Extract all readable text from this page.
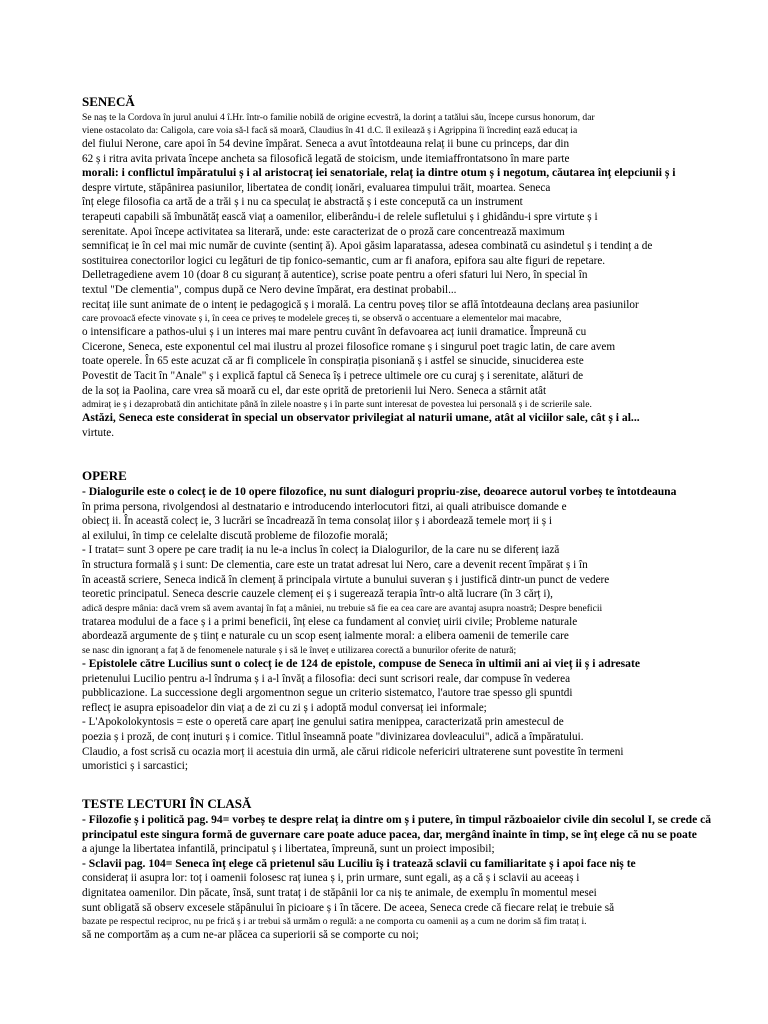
SENECĂ
Se naș te la Cordova în jurul anului 4 î.Hr. într-o familie nobilă de origine ecvestră, la dorinț a tatălui său, începe cursus honorum, dar
viene ostacolato da: Caligola, care voia să-l facă să moară, Claudius în 41 d.C. îl exilează ș i Agrippina îi încredinț ează educaț ia
del fiului Nerone, care apoi în 54 devine împărat. Seneca a avut întotdeauna relaț ii bune cu princeps, dar din
62 ș i ritra avita privata începe ancheta sa filosofică legată de stoicism, unde itemiaffrontatsono în mare parte
morali: i conflictul împăratului ș i al aristocraț iei senatoriale, relaț ia dintre otum ș i negotum, căutarea înț elepciunii ș i
despre virtute, stăpânirea pasiunilor, libertatea de condiț ionări, evaluarea timpului trăit, moartea. Seneca
înț elege filosofia ca artă de a trăi ș i nu ca speculaț ie abstractă ș i este concepută ca un instrument
terapeuti capabili să îmbunătăț ească viaț a oamenilor, eliberându-i de relele sufletului ș i ghidându-i spre virtute ș i
serenitate. Apoi începe activitatea sa literară, unde: este caracterizat de o proză care concentrează maximum
semnificaț ie în cel mai mic număr de cuvinte (sentinț ă). Apoi găsim laparatassa, adesea combinată cu asindetul ș i tendinț a de
sostituirea conectorilor logici cu legături de tip fonico-semantic, cum ar fi anafora, epifora sau alte figuri de repetare.
Delletragediene avem 10 (doar 8 cu siguranț ă autentice), scrise poate pentru a oferi sfaturi lui Nero, în special în
textul "De clementia", compus după ce Nero devine împărat, era destinat probabil...
recitaț iile sunt animate de o intenț ie pedagogică ș i morală. La centru poveș tilor se află întotdeauna declanș area pasiunilor
care provoacă efecte vinovate ș i, în ceea ce priveș te modelele greceș ti, se observă o accentuare a elementelor mai macabre,
o intensificare a pathos-ului ș i un interes mai mare pentru cuvânt în defavoarea acț iunii dramatice. Împreună cu
Cicerone, Seneca, este exponentul cel mai ilustru al prozei filosofice romane ș i singurul poet tragic latin, de care avem
toate operele. În 65 este acuzat că ar fi complicele în conspirația pisoniană ș i astfel se sinucide, sinuciderea este
Povestit de Tacit în "Anale" ș i explică faptul că Seneca îș i petrece ultimele ore cu curaj ș i serenitate, alături de
de la soț ia Paolina, care vrea să moară cu el, dar este oprită de pretorienii lui Nero. Seneca a stârnit atât
admiraț ie ș i dezaprobată din antichitate până în zilele noastre ș i în parte sunt interesat de povestea lui personală ș i de scrierile sale.
Astăzi, Seneca este considerat în special un observator privilegiat al naturii umane, atât al viciilor sale, cât ș i al...
virtute.
OPERE
- Dialogurile este o colecț ie de 10 opere filozofice, nu sunt dialoguri propriu-zise, deoarece autorul vorbeș te întotdeauna
în prima persona, rivolgendosi al destnatario e introducendo interlocutori fitzi, ai quali atribuisce domande e
obiecț ii. În această colecț ie, 3 lucrări se încadrează în tema consolaț iilor ș i abordează temele morț ii ș i
al exilului, în timp ce celelalte discută probleme de filozofie morală;
- I tratat= sunt 3 opere pe care tradiț ia nu le-a inclus în colecț ia Dialogurilor, de la care nu se diferenț iază
în structura formală ș i sunt: De clementia, care este un tratat adresat lui Nero, care a devenit recent împărat ș i în
în această scriere, Seneca indică în clemenț ă principala virtute a bunului suveran ș i justifică dintr-un punct de vedere
teoretic principatul. Seneca descrie cauzele clemenț ei ș i sugerează terapia într-o altă lucrare (în 3 cărț i),
adică despre mânia: dacă vrem să avem avantaj în faț a mâniei, nu trebuie să fie ea cea care are avantaj asupra noastră; Despre beneficii
tratarea modului de a face ș i a primi beneficii, înț elese ca fundament al convieț uirii civile; Probleme naturale
abordează argumente de ș tiinț e naturale cu un scop esenț ialmente moral: a elibera oamenii de temerile care
se nasc din ignoranț a faț ă de fenomenele naturale ș i să le înveț e utilizarea corectă a bunurilor oferite de natură;
- Epistolele către Lucilius sunt o colecț ie de 124 de epistole, compuse de Seneca în ultimii ani ai vieț ii ș i adresate
prietenului Lucilio pentru a-l îndruma ș i a-l învăț a filosofia: deci sunt scrisori reale, dar compuse în vederea
pubblicazione. La successione degli argomentnon segue un criterio sistematco, l'autore trae spesso gli spuntdi
reflecț ie asupra episoadelor din viaț a de zi cu zi ș i adoptă modul conversaț iei informale;
- L'Apokolokyntosis = este o operetă care aparț ine genului satira menippea, caracterizată prin amestecul de
poezia ș i proză, de conț inuturi ș i comice. Titlul înseamnă poate "divinizarea dovleacului", adică a împăratului.
Claudio, a fost scrisă cu ocazia morț ii acestuia din urmă, ale cărui ridicole nefericiri ultraterene sunt povestite în termeni
umoristici ș i sarcastici;
TESTE LECTURI ÎN CLASĂ
- Filozofie ș i politică pag. 94= vorbeș te despre relaț ia dintre om ș i putere, în timpul războaielor civile din secolul I, se crede că
principatul este singura formă de guvernare care poate aduce pacea, dar, mergând înainte în timp, se înț elege că nu se poate
a ajunge la libertatea infantilă, principatul ș i libertatea, împreună, sunt un proiect imposibil;
- Sclavii pag. 104= Seneca înț elege că prietenul său Luciliu îș i tratează sclavii cu familiaritate ș i apoi face niș te
consideraț ii asupra lor: toț i oamenii folosesc raț iunea ș i, prin urmare, sunt egali, aș a că ș i sclavii au aceeaș i
dignitatea oamenilor. Din păcate, însă, sunt trataț i de stăpânii lor ca niș te animale, de exemplu în momentul mesei
sunt obligată să observ excesele stăpânului în picioare ș i în tăcere. De aceea, Seneca crede că fiecare relaț ie trebuie să
bazate pe respectul reciproc, nu pe frică ș i ar trebui să urmăm o regulă: a ne comporta cu oamenii aș a cum ne dorim să fim trataț i.
să ne comportăm aș a cum ne-ar plăcea ca superiorii să se comporte cu noi;
